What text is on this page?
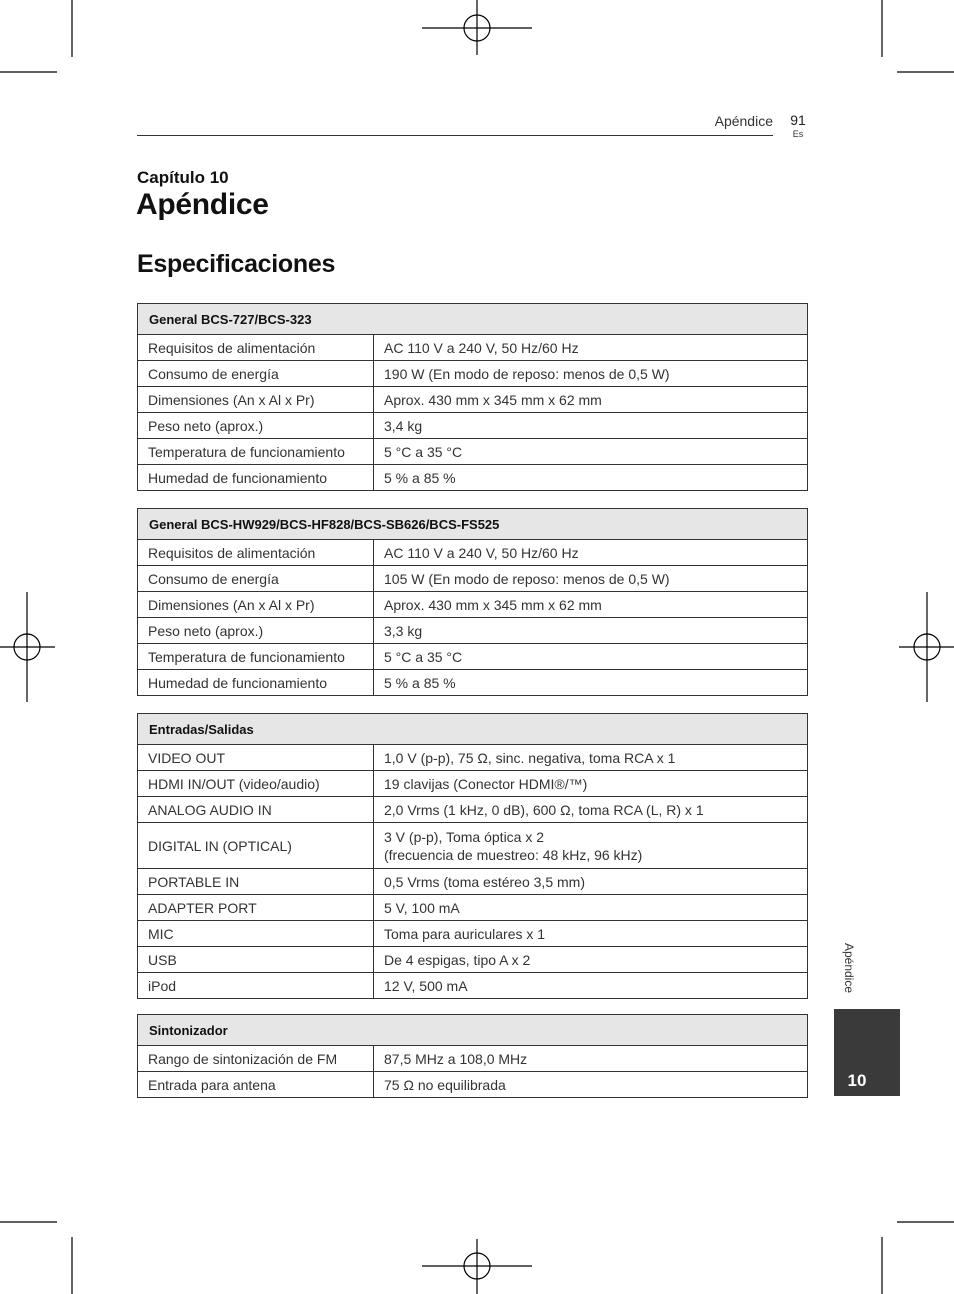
Apéndice	91
Es
Capítulo 10
Apéndice
Especificaciones
General BCS-727/BCS-323	
Requisitos de alimentación	AC 110 V a 240 V, 50 Hz/60 Hz
Consumo de energía	190 W (En modo de reposo: menos de 0,5 W)
Dimensiones (An x Al x Pr)	Aprox. 430 mm x 345 mm x 62 mm
Peso neto (aprox.)	3,4 kg
Temperatura de funcionamiento	5 °C a 35 °C
Humedad de funcionamiento	5 % a 85 %
General BCS-HW929/BCS-HF828/BCS-SB626/BCS-FS525	
Requisitos de alimentación	AC 110 V a 240 V, 50 Hz/60 Hz
Consumo de energía	105 W (En modo de reposo: menos de 0,5 W)
Dimensiones (An x Al x Pr)	Aprox. 430 mm x 345 mm x 62 mm
Peso neto (aprox.)	3,3 kg
Temperatura de funcionamiento	5 °C a 35 °C
Humedad de funcionamiento	5 % a 85 %
Entradas/Salidas	
VIDEO OUT	1,0 V (p-p), 75 Ω, sinc. negativa, toma RCA x 1
HDMI IN/OUT (video/audio)	19 clavijas (Conector HDMI®/™)
ANALOG AUDIO IN	2,0 Vrms (1 kHz, 0 dB), 600 Ω, toma RCA (L, R) x 1
DIGITAL IN (OPTICAL)	3 V (p-p), Toma óptica x 2
(frecuencia de muestreo: 48 kHz, 96 kHz)

PORTABLE IN	0,5 Vrms (toma estéreo 3,5 mm)
ADAPTER PORT	5 V, 100 mA
MIC	Toma para auriculares x 1
USB	De 4 espigas, tipo A x 2
iPod	12 V, 500 mA
Sintonizador	
Rango de sintonización de FM	87,5 MHz a 108,0 MHz
Entrada para antena	75 Ω no equilibrada
Apéndice
10
